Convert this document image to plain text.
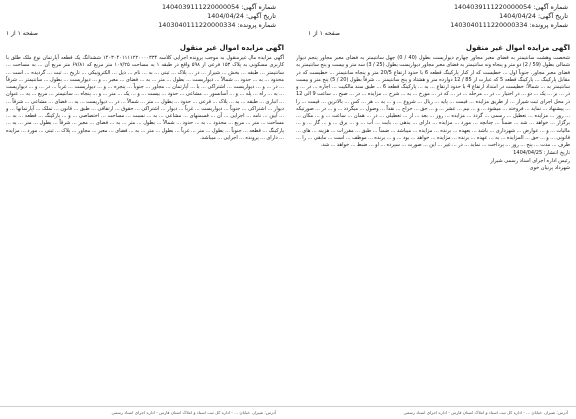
شماره آگهی: 1404039111220000054
تاریخ آگهی: 1404/04/24
شماره پرونده: 1403040111220000334
شماره آگهی: 1404039111220000054
تاریخ آگهی: 1404/04/24
شماره پرونده: 1403040111220000334
صفحه ۱ از ۱
صفحه ۱ از ۱
آگهی مزایده اموال غیر منقول
شخصت وهشت سانتیمتر به فضای معبر مجاور چهارم دیواریست بطول (40 / 0) چهل سانتیمتر به فضای معبر مجاور پنجم دیوار شمالی بطول (59 / 2) دو متر و پنجاه ونه سانتیمتر به فضای معبر مجاور دیواریست بطول (25 / 3) سه متر و بیست و پنج سانتیمتر به فضای معبر مجاور. جنوباً اول ... خطیست که از کنار پارکینگ قطعه 6 با حدود ارتفاع 20/5 متر و پنجاه سانتیمتر ... خطیست که در مقابل پارکینگ ... پارکینگ قطعه 5 که عبارت از 85 / 12 دوازده متر و هشتاد و پنج سانتیمتر ... شرقاً بطول (20 / 5) پنج متر و بیست سانتیمتر به ... شمالاً: خطیست در امتداد ارتفاع 4 با حدود ارتفاع ... به ... پارکینگ قطعه 6 ... طبق سند مالکیت ... اجاره ... در ... و در ... بر ... یک ... دو ... در اختیار ... در ... مرحله ... در ... که در ... مورخ ... به ... شرح ... مزایده ... در ... صبح ... ساعت 9 الی 12 در محل اجرای ثبت شیراز ... از طریق مزایده ... قیمت ... پایه ... ریال ... شروع ... و ... به ... هر ... کس ... بالاترین ... قیمت ... را ... پیشنهاد ... نماید ... فروخته ... میشود ... و ... نیم ... عشر ... و ... حق ... حراج ... نقداً ... وصول ... میگردد ... و ... در ... صورتیکه ... روز ... مزایده ... تعطیل ... رسمی ... گردد ... مزایده ... روز ... بعد ... از ... تعطیلی ... در ... همان ... ساعت ... و ... مکان ... برگزار ... خواهد ... شد ... ضمناً ... چنانچه ... مورد ... مزایده ... دارای ... بدهی ... بابت ... آب ... و ... برق ... و ... گاز ... و ... مالیات ... و ... عوارض ... شهرداری ... باشد ... بعهده ... برنده ... مزایده ... میباشد ... ضمناً ... طبق ... مقررات ... هزینه ... های ... قانونی ... و ... حق ... المزایده ... به ... عهده ... برنده ... مزایده ... خواهد ... بود ... و ... برنده ... موظف ... است ... مابقی ... را ... ظرف ... مدت ... پنج ... روز ... پرداخت ... نماید ... در ... غیر ... این ... صورت ... سپرده ... او ... ضبط ... خواهد ... شد.
تاریخ انتشار: 1404/04/25
رئیس اداره اجرای اسناد رسمی شیراز
شهرداد پرنیان خوی
آگهی مزایده اموال غیر منقول
آگهی مزایده مال غیرمنقول به موجب پرونده اجرایی کلاسه ۱۴۰۳۰۴۰۱۱۱۱۲۲۰۰۰۰۳۳۴ ششدانگ یک قطعه آپارتمان نوع ملک طلق با کاربری مسکونی به پلاک ۱۵۳ فرعی از ۵۹۸ واقع در طبقه ۱ به مساحت ۱۰۷/۲۵ متر مربع که ۶۷/۸۱ متر مربع آن ... به مساحت ... سانتیمتر ... طبقه ... بخش ... شیراز ... در ... پلاک ... ثبتی ... به ... نام ... ذیل ... الکترونیکی ... تاریخ ... ثبت ... گردیده ... است ... محدود ... به ... حدود ... شمالاً ... دیواریست ... بطول ... متر ... به ... فضای ... معبر ... و ... دیواریست ... بطول ... سانتیمتر ... شرقاً ... در ... و ... دیواریست ... اشتراکی ... با ... آپارتمان ... مجاور ... جنوباً ... پنجره ... و ... دیواریست ... غرباً ... در ... و ... دیواریست ... به ... راه ... پله ... و ... آسانسور ... مشاعی ... حدود ... بیست ... و ... یک ... متر ... و ... پنجاه ... سانتیمتر ... مربع ... به ... عنوان ... انباری ... طبقه ... به ... پلاک ... فرعی ... حدود ... بطول ... متر ... شمالاً ... در ... دیواریست ... به ... فضای ... مشاعی ... شرقاً ... دیوار ... اشتراکی ... جنوباً ... دیواریست ... غرباً ... دیوار ... اشتراکی ... حقوق ... ارتفاقی ... طبق ... قانون ... تملک ... آپارتمانها ... و ... آیین ... نامه ... اجرایی ... آن ... قسمتهای ... مشاعی ... به ... نسبت ... مساحت ... اختصاصی ... و ... پارکینگ ... قطعه ... به ... مساحت ... متر ... مربع ... محدود ... به ... حدود ... شمالاً ... بطول ... متر ... به ... فضای ... معبر ... شرقاً ... بطول ... متر ... به ... پارکینگ ... قطعه ... جنوباً ... بطول ... متر ... غرباً ... بطول ... متر ... به ... فضای ... معبر ... مجاور ... پلاک ... ثبتی ... مورد ... مزایده ... دارای ... پرونده ... اجرایی ... میباشد.
آدرس: شیراز، خیابان ... - اداره کل ثبت اسناد و املاک استان فارس - اداره اجرای اسناد رسمی
آدرس: شیراز، خیابان ... - اداره کل ثبت اسناد و املاک استان فارس - اداره اجرای اسناد رسمی
